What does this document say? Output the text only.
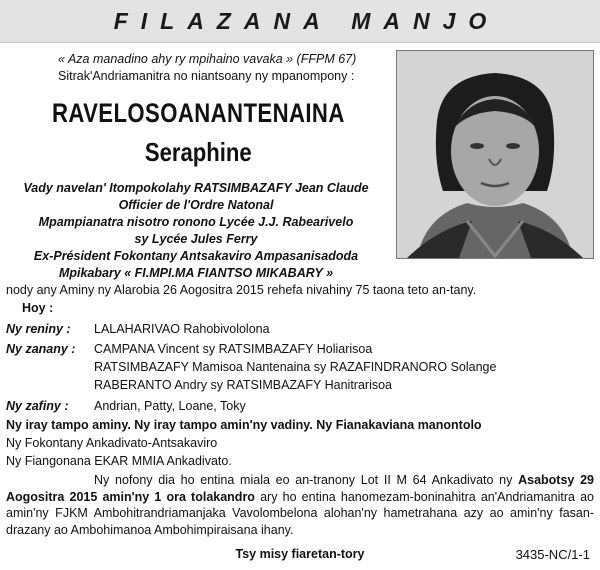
FILAZANA MANJO
« Aza manadino ahy ry mpihaino vavaka » (FFPM 67)
Sitrak'Andriamanitra no niantsoany ny mpanompony :
RAVELOSOANANTENAINA
Seraphine
Vady navelan' Itompokolahy RATSIMBAZAFY Jean Claude
Officier de l'Ordre Natonal
Mpampianatra nisotro ronono Lycée J.J. Rabearivelo
sy Lycée Jules Ferry
Ex-Président Fokontany Antsakaviro Ampasanisadoda
Mpikabary « FI.MPI.MA FIANTSO MIKABARY »
nody any Aminy ny Alarobia 26 Aogositra 2015 rehefa nivahiny 75 taona teto an-tany.
Hoy :
Ny reniny : LALAHARIVAO Rahobivololona
Ny zanany : CAMPANA Vincent sy RATSIMBAZAFY Holiarisoa
RATSIMBAZAFY Mamisoa Nantenaina sy RAZAFINDRANORO Solange
RABERANTO Andry sy RATSIMBAZAFY Hanitrarisoa
Ny zafiny : Andrian, Patty, Loane, Toky
Ny iray tampo aminy. Ny iray tampo amin'ny vadiny. Ny Fianakaviana manontolo
Ny Fokontany Ankadivato-Antsakaviro
Ny Fiangonana EKAR MMIA Ankadivato.
Ny nofony dia ho entina miala eo an-tranony Lot II M 64 Ankadivato ny Asabotsy 29 Aogositra 2015 amin'ny 1 ora tolakandro ary ho entina hanomezam-boninahitra an'Andriamanitra ao amin'ny FJKM Ambohitrandriamanjaka Vavolombelona alohan'ny hametrahana azy ao amin'ny fasan-drazany ao Ambohimanoa Ambohimpiraisana ihany.
Tsy misy fiaretan-tory	3435-NC/1-1
